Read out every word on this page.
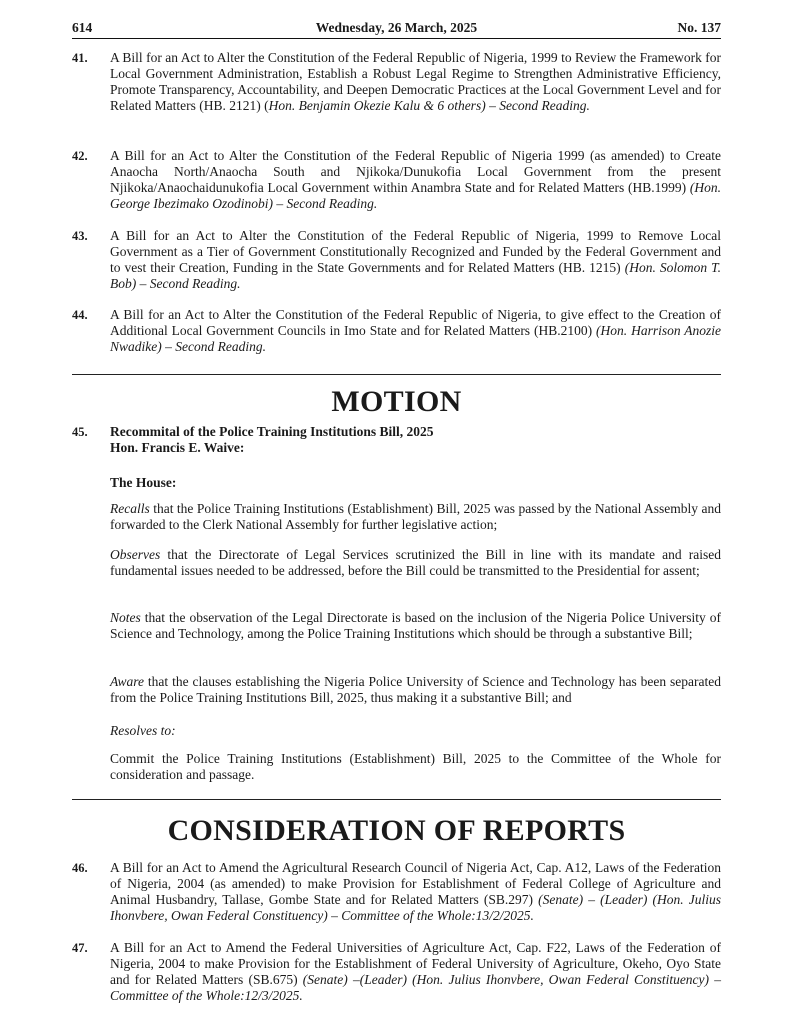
614	Wednesday, 26 March, 2025	No. 137
41.	A Bill for an Act to Alter the Constitution of the Federal Republic of Nigeria, 1999 to Review the Framework for Local Government Administration, Establish a Robust Legal Regime to Strengthen Administrative Efficiency, Promote Transparency, Accountability, and Deepen Democratic Practices at the Local Government Level and for Related Matters (HB. 2121) (Hon. Benjamin Okezie Kalu & 6 others) – Second Reading.
42.	A Bill for an Act to Alter the Constitution of the Federal Republic of Nigeria 1999 (as amended) to Create Anaocha North/Anaocha South and Njikoka/Dunukofia Local Government from the present Njikoka/Anaochaidunukofia Local Government within Anambra State and for Related Matters (HB.1999) (Hon. George Ibezimako Ozodinobi) – Second Reading.
43.	A Bill for an Act to Alter the Constitution of the Federal Republic of Nigeria, 1999 to Remove Local Government as a Tier of Government Constitutionally Recognized and Funded by the Federal Government and to vest their Creation, Funding in the State Governments and for Related Matters (HB. 1215) (Hon. Solomon T. Bob) – Second Reading.
44.	A Bill for an Act to Alter the Constitution of the Federal Republic of Nigeria, to give effect to the Creation of Additional Local Government Councils in Imo State and for Related Matters (HB.2100) (Hon. Harrison Anozie Nwadike) – Second Reading.
MOTION
45. Recommital of the Police Training Institutions Bill, 2025
Hon. Francis E. Waive:
The House:
Recalls that the Police Training Institutions (Establishment) Bill, 2025 was passed by the National Assembly and forwarded to the Clerk National Assembly for further legislative action;
Observes that the Directorate of Legal Services scrutinized the Bill in line with its mandate and raised fundamental issues needed to be addressed, before the Bill could be transmitted to the Presidential for assent;
Notes that the observation of the Legal Directorate is based on the inclusion of the Nigeria Police University of Science and Technology, among the Police Training Institutions which should be through a substantive Bill;
Aware that the clauses establishing the Nigeria Police University of Science and Technology has been separated from the Police Training Institutions Bill, 2025, thus making it a substantive Bill; and
Resolves to:
Commit the Police Training Institutions (Establishment) Bill, 2025 to the Committee of the Whole for consideration and passage.
CONSIDERATION OF REPORTS
46.	A Bill for an Act to Amend the Agricultural Research Council of Nigeria Act, Cap. A12, Laws of the Federation of Nigeria, 2004 (as amended) to make Provision for Establishment of Federal College of Agriculture and Animal Husbandry, Tallase, Gombe State and for Related Matters (SB.297) (Senate) – (Leader) (Hon. Julius Ihonvbere, Owan Federal Constituency) – Committee of the Whole:13/2/2025.
47.	A Bill for an Act to Amend the Federal Universities of Agriculture Act, Cap. F22, Laws of the Federation of Nigeria, 2004 to make Provision for the Establishment of Federal University of Agriculture, Okeho, Oyo State and for Related Matters (SB.675) (Senate) –(Leader) (Hon. Julius Ihonvbere, Owan Federal Constituency) – Committee of the Whole:12/3/2025.
